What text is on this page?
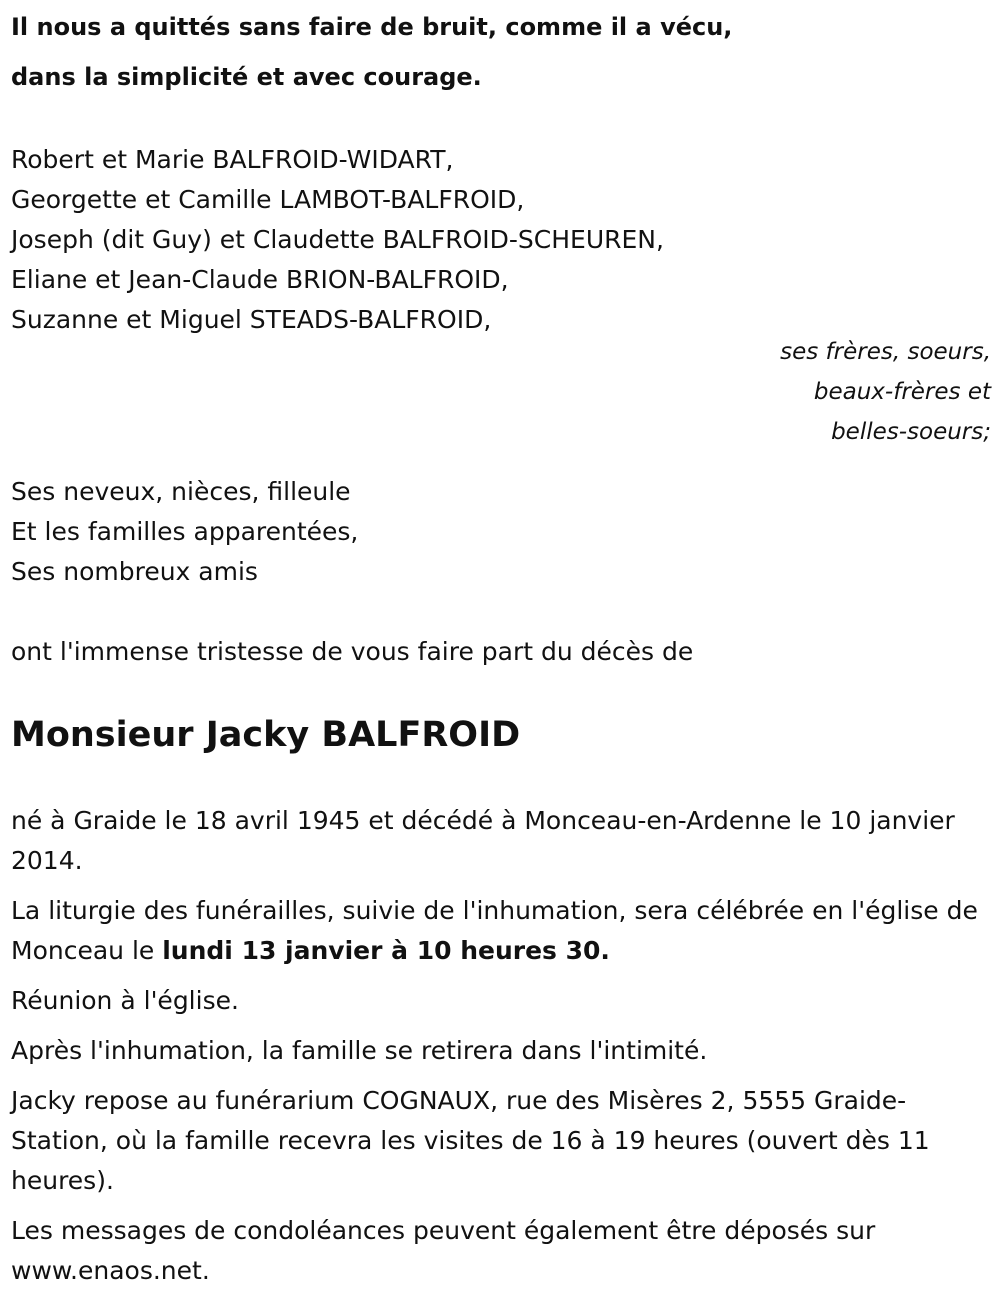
Il nous a quittés sans faire de bruit, comme il a vécu,

dans la simplicité et avec courage.

Robert et Marie BALFROID-WIDART,

Georgette et Camille LAMBOT-BALFROID,

Joseph (dit Guy) et Claudette BALFROID-SCHEUREN,

Eliane et Jean-Claude BRION-BALFROID,

Suzanne et Miguel STEADS-BALFROID,

ses frères, soeurs,

beaux-frères et

belles-soeurs;

Ses neveux, nièces, filleule

Et les familles apparentées,

Ses nombreux amis

ont l'immense tristesse de vous faire part du décès de
Monsieur Jacky BALFROID

né à Graide le 18 avril 1945 et décédé à Monceau-en-Ardenne le 10 janvier 2014.

La liturgie des funérailles, suivie de l'inhumation, sera célébrée en l'église de Monceau le lundi 13 janvier à 10 heures 30.

Réunion à l'église.

Après l'inhumation, la famille se retirera dans l'intimité.

Jacky repose au funérarium COGNAUX, rue des Misères 2, 5555 Graide-Station, où la famille recevra les visites de 16 à 19 heures (ouvert dès 11 heures).

Les messages de condoléances peuvent également être déposés sur www.enaos.net.
